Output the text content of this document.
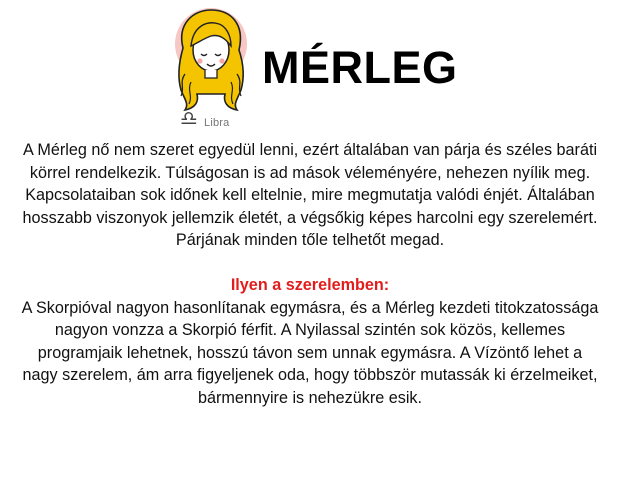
♎︎ Libra
MÉRLEG

A Mérleg nő nem szeret egyedül lenni, ezért általában van párja és széles baráti körrel rendelkezik. Túlságosan is ad mások véleményére, nehezen nyílik meg. Kapcsolataiban sok időnek kell eltelnie, mire megmutatja valódi énjét. Általában hosszabb viszonyok jellemzik életét, a végsőkig képes harcolni egy szerelemért. Párjának minden tőle telhetőt megad.

Ilyen a szerelemben:

A Skorpióval nagyon hasonlítanak egymásra, és a Mérleg kezdeti titokzatossága nagyon vonzza a Skorpió férfit. A Nyilassal szintén sok közös, kellemes programjaik lehetnek, hosszú távon sem unnak egymásra. A Vízöntő lehet a nagy szerelem, ám arra figyeljenek oda, hogy többször mutassák ki érzelmeiket, bármennyire is nehezükre esik.
